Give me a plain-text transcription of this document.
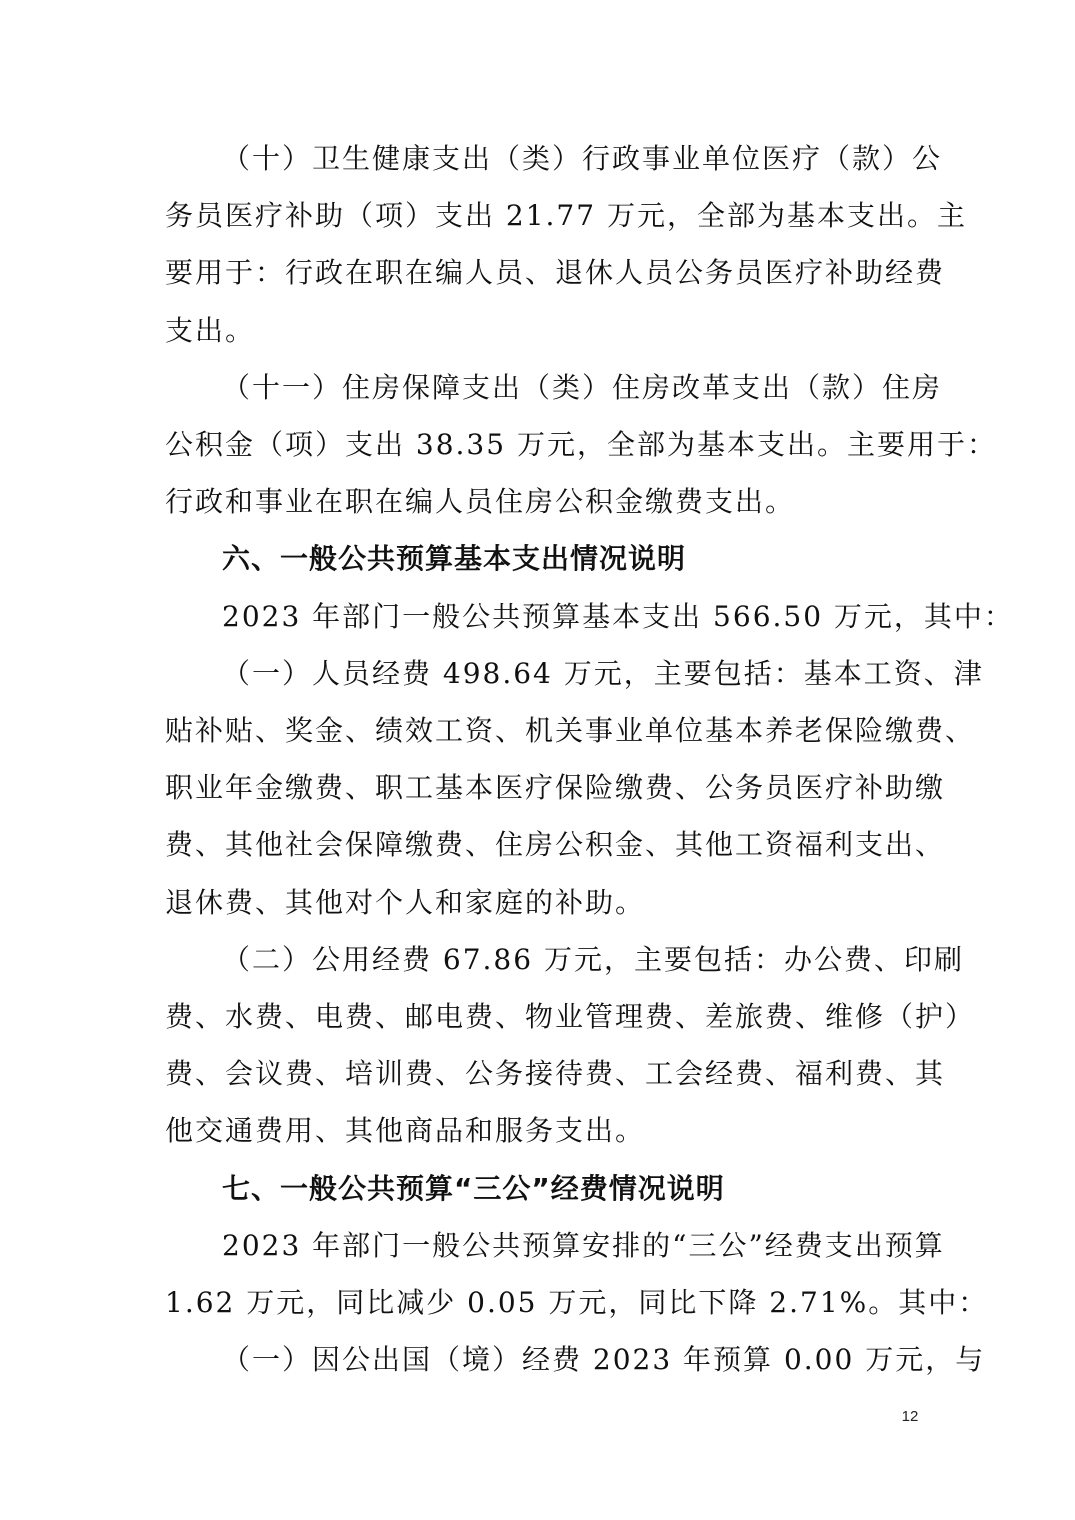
（十）卫生健康支出（类）行政事业单位医疗（款）公
务员医疗补助（项）支出 21.77 万元，全部为基本支出。主
要用于：行政在职在编人员、退休人员公务员医疗补助经费
支出。
（十一）住房保障支出（类）住房改革支出（款）住房
公积金（项）支出 38.35 万元，全部为基本支出。主要用于：
行政和事业在职在编人员住房公积金缴费支出。
六、一般公共预算基本支出情况说明
2023 年部门一般公共预算基本支出 566.50 万元，其中：
（一）人员经费 498.64 万元，主要包括：基本工资、津
贴补贴、奖金、绩效工资、机关事业单位基本养老保险缴费、
职业年金缴费、职工基本医疗保险缴费、公务员医疗补助缴
费、其他社会保障缴费、住房公积金、其他工资福利支出、
退休费、其他对个人和家庭的补助。
（二）公用经费 67.86 万元，主要包括：办公费、印刷
费、水费、电费、邮电费、物业管理费、差旅费、维修（护）
费、会议费、培训费、公务接待费、工会经费、福利费、其
他交通费用、其他商品和服务支出。
七、一般公共预算“三公”经费情况说明
2023 年部门一般公共预算安排的“三公”经费支出预算
1.62 万元，同比减少 0.05 万元，同比下降 2.71%。其中：
（一）因公出国（境）经费 2023 年预算 0.00 万元，与
12
